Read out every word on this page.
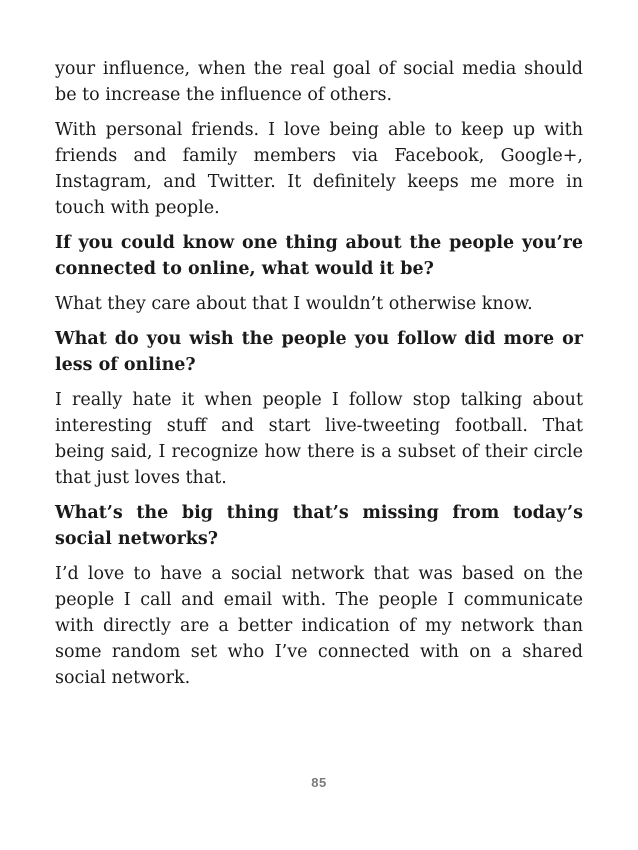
your influence, when the real goal of social media should be to increase the influence of others.

With personal friends. I love being able to keep up with friends and family members via Facebook, Google+, Instagram, and Twitter. It definitely keeps me more in touch with people.

If you could know one thing about the people you’re connected to online, what would it be?

What they care about that I wouldn’t otherwise know.

What do you wish the people you follow did more or less of online?

I really hate it when people I follow stop talking about interesting stuff and start live-tweeting football. That being said, I recognize how there is a subset of their circle that just loves that.

What’s the big thing that’s missing from today’s social networks?

I’d love to have a social network that was based on the people I call and email with. The people I communicate with directly are a better indication of my network than some random set who I’ve connected with on a shared social network.

85
